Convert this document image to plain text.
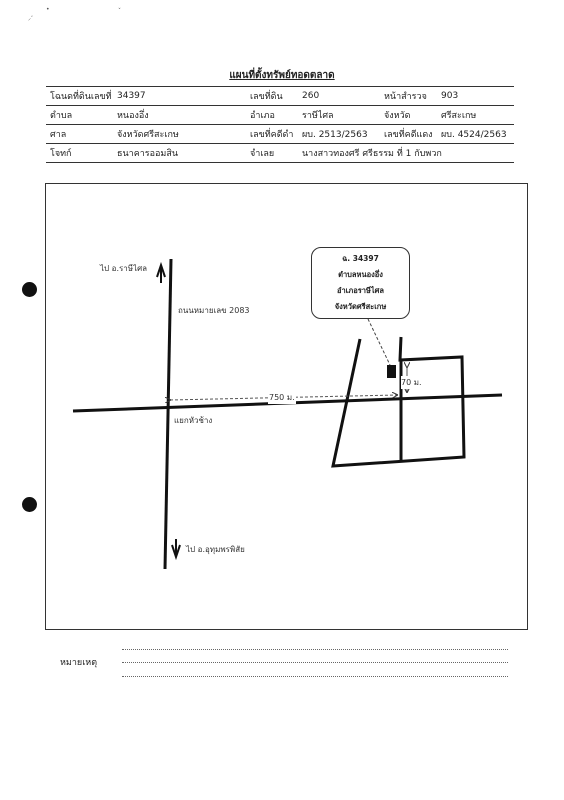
⸝ʼ
•	ˇ
แผนที่ตั้งทรัพย์ทอดตลาด
โฉนดที่ดินเลขที่	34397	เลขที่ดิน	260	หน้าสำรวจ	903
ตำบล	หนองอึ่ง	อำเภอ	ราษีไศล	จังหวัด	ศรีสะเกษ
ศาล	จังหวัดศรีสะเกษ	เลขที่คดีดำ	ผบ. 2513/2563	เลขที่คดีแดง	ผบ. 4524/2563
โจทก์	ธนาคารออมสิน	จำเลย	นางสาวทองศรี ศรีธรรม ที่ 1 กับพวก		
ไป อ.ราษีไศล
ถนนหมายเลข 2083
ไป อ.อุทุมพรพิสัย
แยกหัวช้าง
750 ม.
70 ม.
ฉ. 34397
ตำบลหนองอึ่ง
อำเภอราษีไศล
จังหวัดศรีสะเกษ
หมายเหตุ
